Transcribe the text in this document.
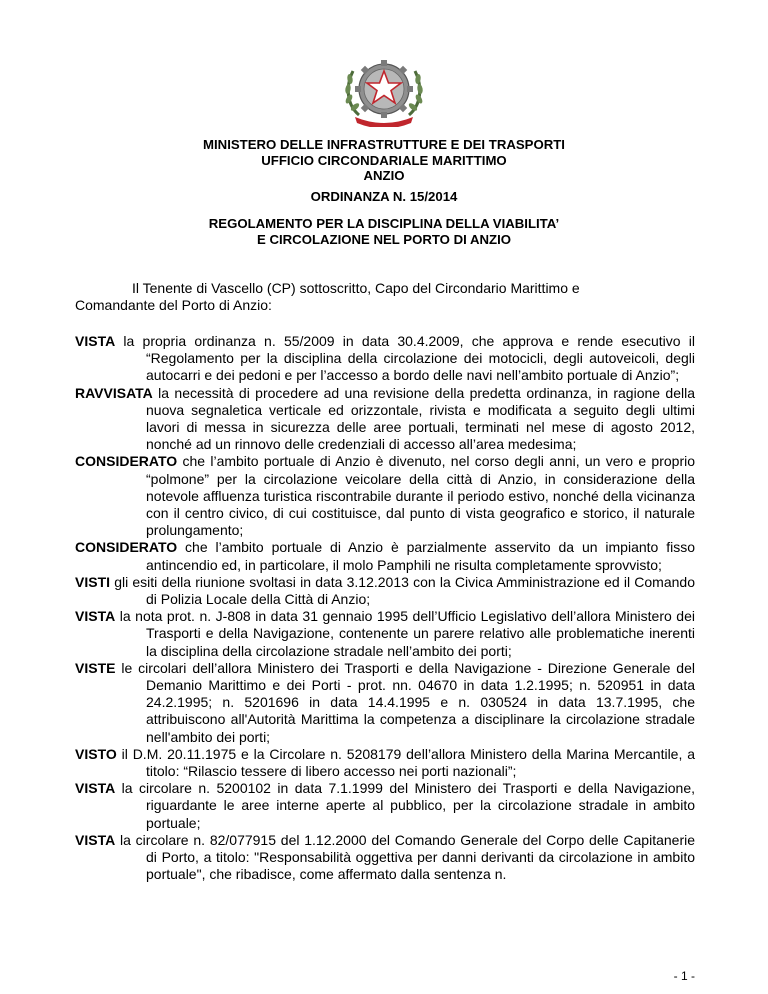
MINISTERO DELLE INFRASTRUTTURE E DEI TRASPORTI
UFFICIO CIRCONDARIALE MARITTIMO
ANZIO
ORDINANZA N. 15/2014
REGOLAMENTO PER LA DISCIPLINA DELLA VIABILITA’
E CIRCOLAZIONE NEL PORTO DI ANZIO
Il Tenente di Vascello (CP) sottoscritto, Capo del Circondario Marittimo e
Comandante del Porto di Anzio:
VISTA la propria ordinanza n. 55/2009 in data 30.4.2009, che approva e rende esecutivo il “Regolamento per la disciplina della circolazione dei motocicli, degli autoveicoli, degli autocarri e dei pedoni e per l’accesso a bordo delle navi nell’ambito portuale di Anzio”;
RAVVISATA la necessità di procedere ad una revisione della predetta ordinanza, in ragione della nuova segnaletica verticale ed orizzontale, rivista e modificata a seguito degli ultimi lavori di messa in sicurezza delle aree portuali, terminati nel mese di agosto 2012, nonché ad un rinnovo delle credenziali di accesso all’area medesima;
CONSIDERATO che l’ambito portuale di Anzio è divenuto, nel corso degli anni, un vero e proprio “polmone” per la circolazione veicolare della città di Anzio, in considerazione della notevole affluenza turistica riscontrabile durante il periodo estivo, nonché della vicinanza con il centro civico, di cui costituisce, dal punto di vista geografico e storico, il naturale prolungamento;
CONSIDERATO che l’ambito portuale di Anzio è parzialmente asservito da un impianto fisso antincendio ed, in particolare, il molo Pamphili ne risulta completamente sprovvisto;
VISTI gli esiti della riunione svoltasi in data 3.12.2013 con la Civica Amministrazione ed il Comando di Polizia Locale della Città di Anzio;
VISTA la nota prot. n. J-808 in data 31 gennaio 1995 dell’Ufficio Legislativo dell’allora Ministero dei Trasporti e della Navigazione, contenente un parere relativo alle problematiche inerenti la disciplina della circolazione stradale nell’ambito dei porti;
VISTE le circolari dell’allora Ministero dei Trasporti e della Navigazione - Direzione Generale del Demanio Marittimo e dei Porti - prot. nn. 04670 in data 1.2.1995; n. 520951 in data 24.2.1995; n. 5201696 in data 14.4.1995 e n. 030524 in data 13.7.1995, che attribuiscono all'Autorità Marittima la competenza a disciplinare la circolazione stradale nell'ambito dei porti;
VISTO il D.M. 20.11.1975 e la Circolare n. 5208179 dell’allora Ministero della Marina Mercantile, a titolo: “Rilascio tessere di libero accesso nei porti nazionali”;
VISTA la circolare n. 5200102 in data 7.1.1999 del Ministero dei Trasporti e della Navigazione, riguardante le aree interne aperte al pubblico, per la circolazione stradale in ambito portuale;
VISTA la circolare n. 82/077915 del 1.12.2000 del Comando Generale del Corpo delle Capitanerie di Porto, a titolo: "Responsabilità oggettiva per danni derivanti da circolazione in ambito portuale", che ribadisce, come affermato dalla sentenza n.
- 1 -
